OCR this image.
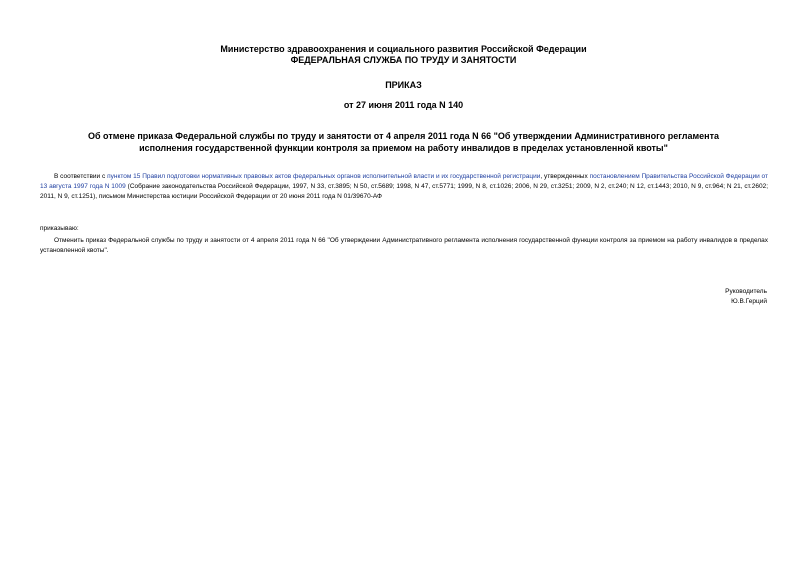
Министерство здравоохранения и социального развития Российской Федерации
ФЕДЕРАЛЬНАЯ СЛУЖБА ПО ТРУДУ И ЗАНЯТОСТИ
ПРИКАЗ
от 27 июня 2011 года N 140
Об отмене приказа Федеральной службы по труду и занятости от 4 апреля 2011 года N 66 "Об утверждении Административного регламента исполнения государственной функции контроля за приемом на работу инвалидов в пределах установленной квоты"
В соответствии с пунктом 15 Правил подготовки нормативных правовых актов федеральных органов исполнительной власти и их государственной регистрации, утвержденных постановлением Правительства Российской Федерации от 13 августа 1997 года N 1009 (Собрание законодательства Российской Федерации, 1997, N 33, ст.3895; N 50, ст.5689; 1998, N 47, ст.5771; 1999, N 8, ст.1026; 2006, N 29, ст.3251; 2009, N 2, ст.240; N 12, ст.1443; 2010, N 9, ст.964; N 21, ст.2602; 2011, N 9, ст.1251), письмом Министерства юстиции Российской Федерации от 20 июня 2011 года N 01/39670-АФ
приказываю:
Отменить приказ Федеральной службы по труду и занятости от 4 апреля 2011 года N 66 "Об утверждении Административного регламента исполнения государственной функции контроля за приемом на работу инвалидов в пределах установленной квоты".
Руководитель
Ю.В.Герций
